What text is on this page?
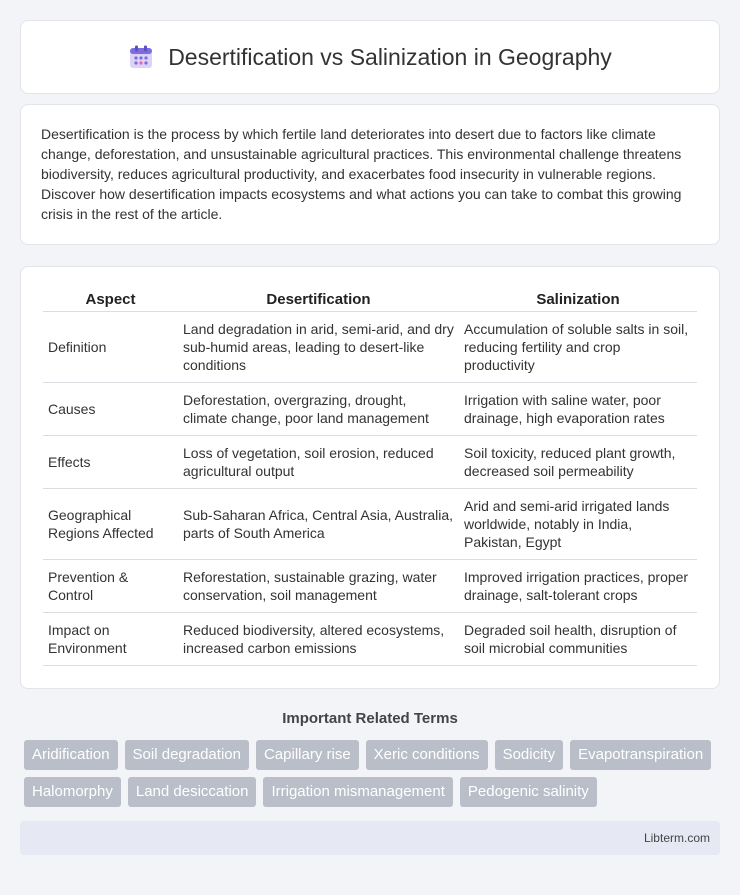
Desertification vs Salinization in Geography

Desertification is the process by which fertile land deteriorates into desert due to factors like climate change, deforestation, and unsustainable agricultural practices. This environmental challenge threatens biodiversity, reduces agricultural productivity, and exacerbates food insecurity in vulnerable regions. Discover how desertification impacts ecosystems and what actions you can take to combat this growing crisis in the rest of the article.

Aspect	Desertification	Salinization
Definition	Land degradation in arid, semi-arid, and dry sub-humid areas, leading to desert-like conditions	Accumulation of soluble salts in soil, reducing fertility and crop productivity
Causes	Deforestation, overgrazing, drought, climate change, poor land management	Irrigation with saline water, poor drainage, high evaporation rates
Effects	Loss of vegetation, soil erosion, reduced agricultural output	Soil toxicity, reduced plant growth, decreased soil permeability
Geographical Regions Affected	Sub-Saharan Africa, Central Asia, Australia, parts of South America	Arid and semi-arid irrigated lands worldwide, notably in India, Pakistan, Egypt
Prevention & Control	Reforestation, sustainable grazing, water conservation, soil management	Improved irrigation practices, proper drainage, salt-tolerant crops
Impact on Environment	Reduced biodiversity, altered ecosystems, increased carbon emissions	Degraded soil health, disruption of soil microbial communities
Important Related Terms
Aridification	Soil degradation	Capillary rise	Xeric conditions	Sodicity	Evapotranspiration
Halomorphy	Land desiccation	Irrigation mismanagement	Pedogenic salinity
Libterm.com
